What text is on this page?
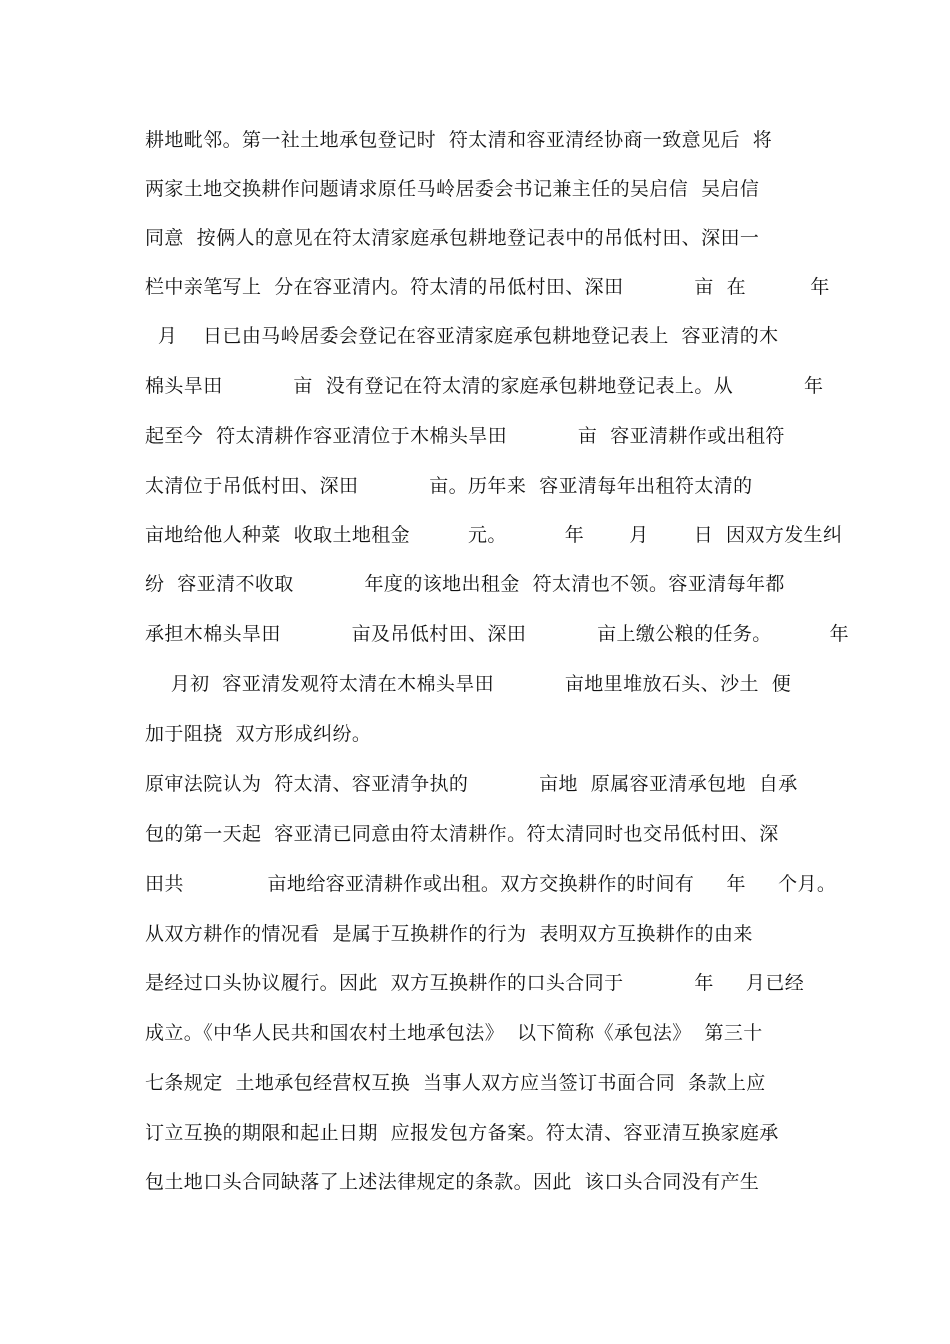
耕地毗邻。第一社土地承包登记时  符太清和容亚清经协商一致意见后  将
两家土地交换耕作问题请求原任马岭居委会书记兼主任的吴启信  吴启信
同意  按俩人的意见在符太清家庭承包耕地登记表中的吊低村田、深田一
栏中亲笔写上  分在容亚清内。符太清的吊低村田、深田           亩  在          年
月    日已由马岭居委会登记在容亚清家庭承包耕地登记表上  容亚清的木
棉头旱田           亩  没有登记在符太清的家庭承包耕地登记表上。从           年
起至今  符太清耕作容亚清位于木棉头旱田           亩  容亚清耕作或出租符
太清位于吊低村田、深田           亩。历年来  容亚清每年出租符太清的
亩地给他人种菜  收取土地租金         元。         年       月       日  因双方发生纠
纷  容亚清不收取           年度的该地出租金  符太清也不领。容亚清每年都
承担木棉头旱田           亩及吊低村田、深田           亩上缴公粮的任务。         年
月初  容亚清发观符太清在木棉头旱田           亩地里堆放石头、沙土  便
加于阻挠  双方形成纠纷。
原审法院认为  符太清、容亚清争执的           亩地  原属容亚清承包地  自承
包的第一天起  容亚清已同意由符太清耕作。符太清同时也交吊低村田、深
田共             亩地给容亚清耕作或出租。双方交换耕作的时间有     年     个月。
从双方耕作的情况看  是属于互换耕作的行为  表明双方互换耕作的由来
是经过口头协议履行。因此  双方互换耕作的口头合同于           年     月已经
成立。《中华人民共和国农村土地承包法》  以下简称《承包法》  第三十
七条规定  土地承包经营权互换  当事人双方应当签订书面合同  条款上应
订立互换的期限和起止日期  应报发包方备案。符太清、容亚清互换家庭承
包土地口头合同缺落了上述法律规定的条款。因此  该口头合同没有产生
